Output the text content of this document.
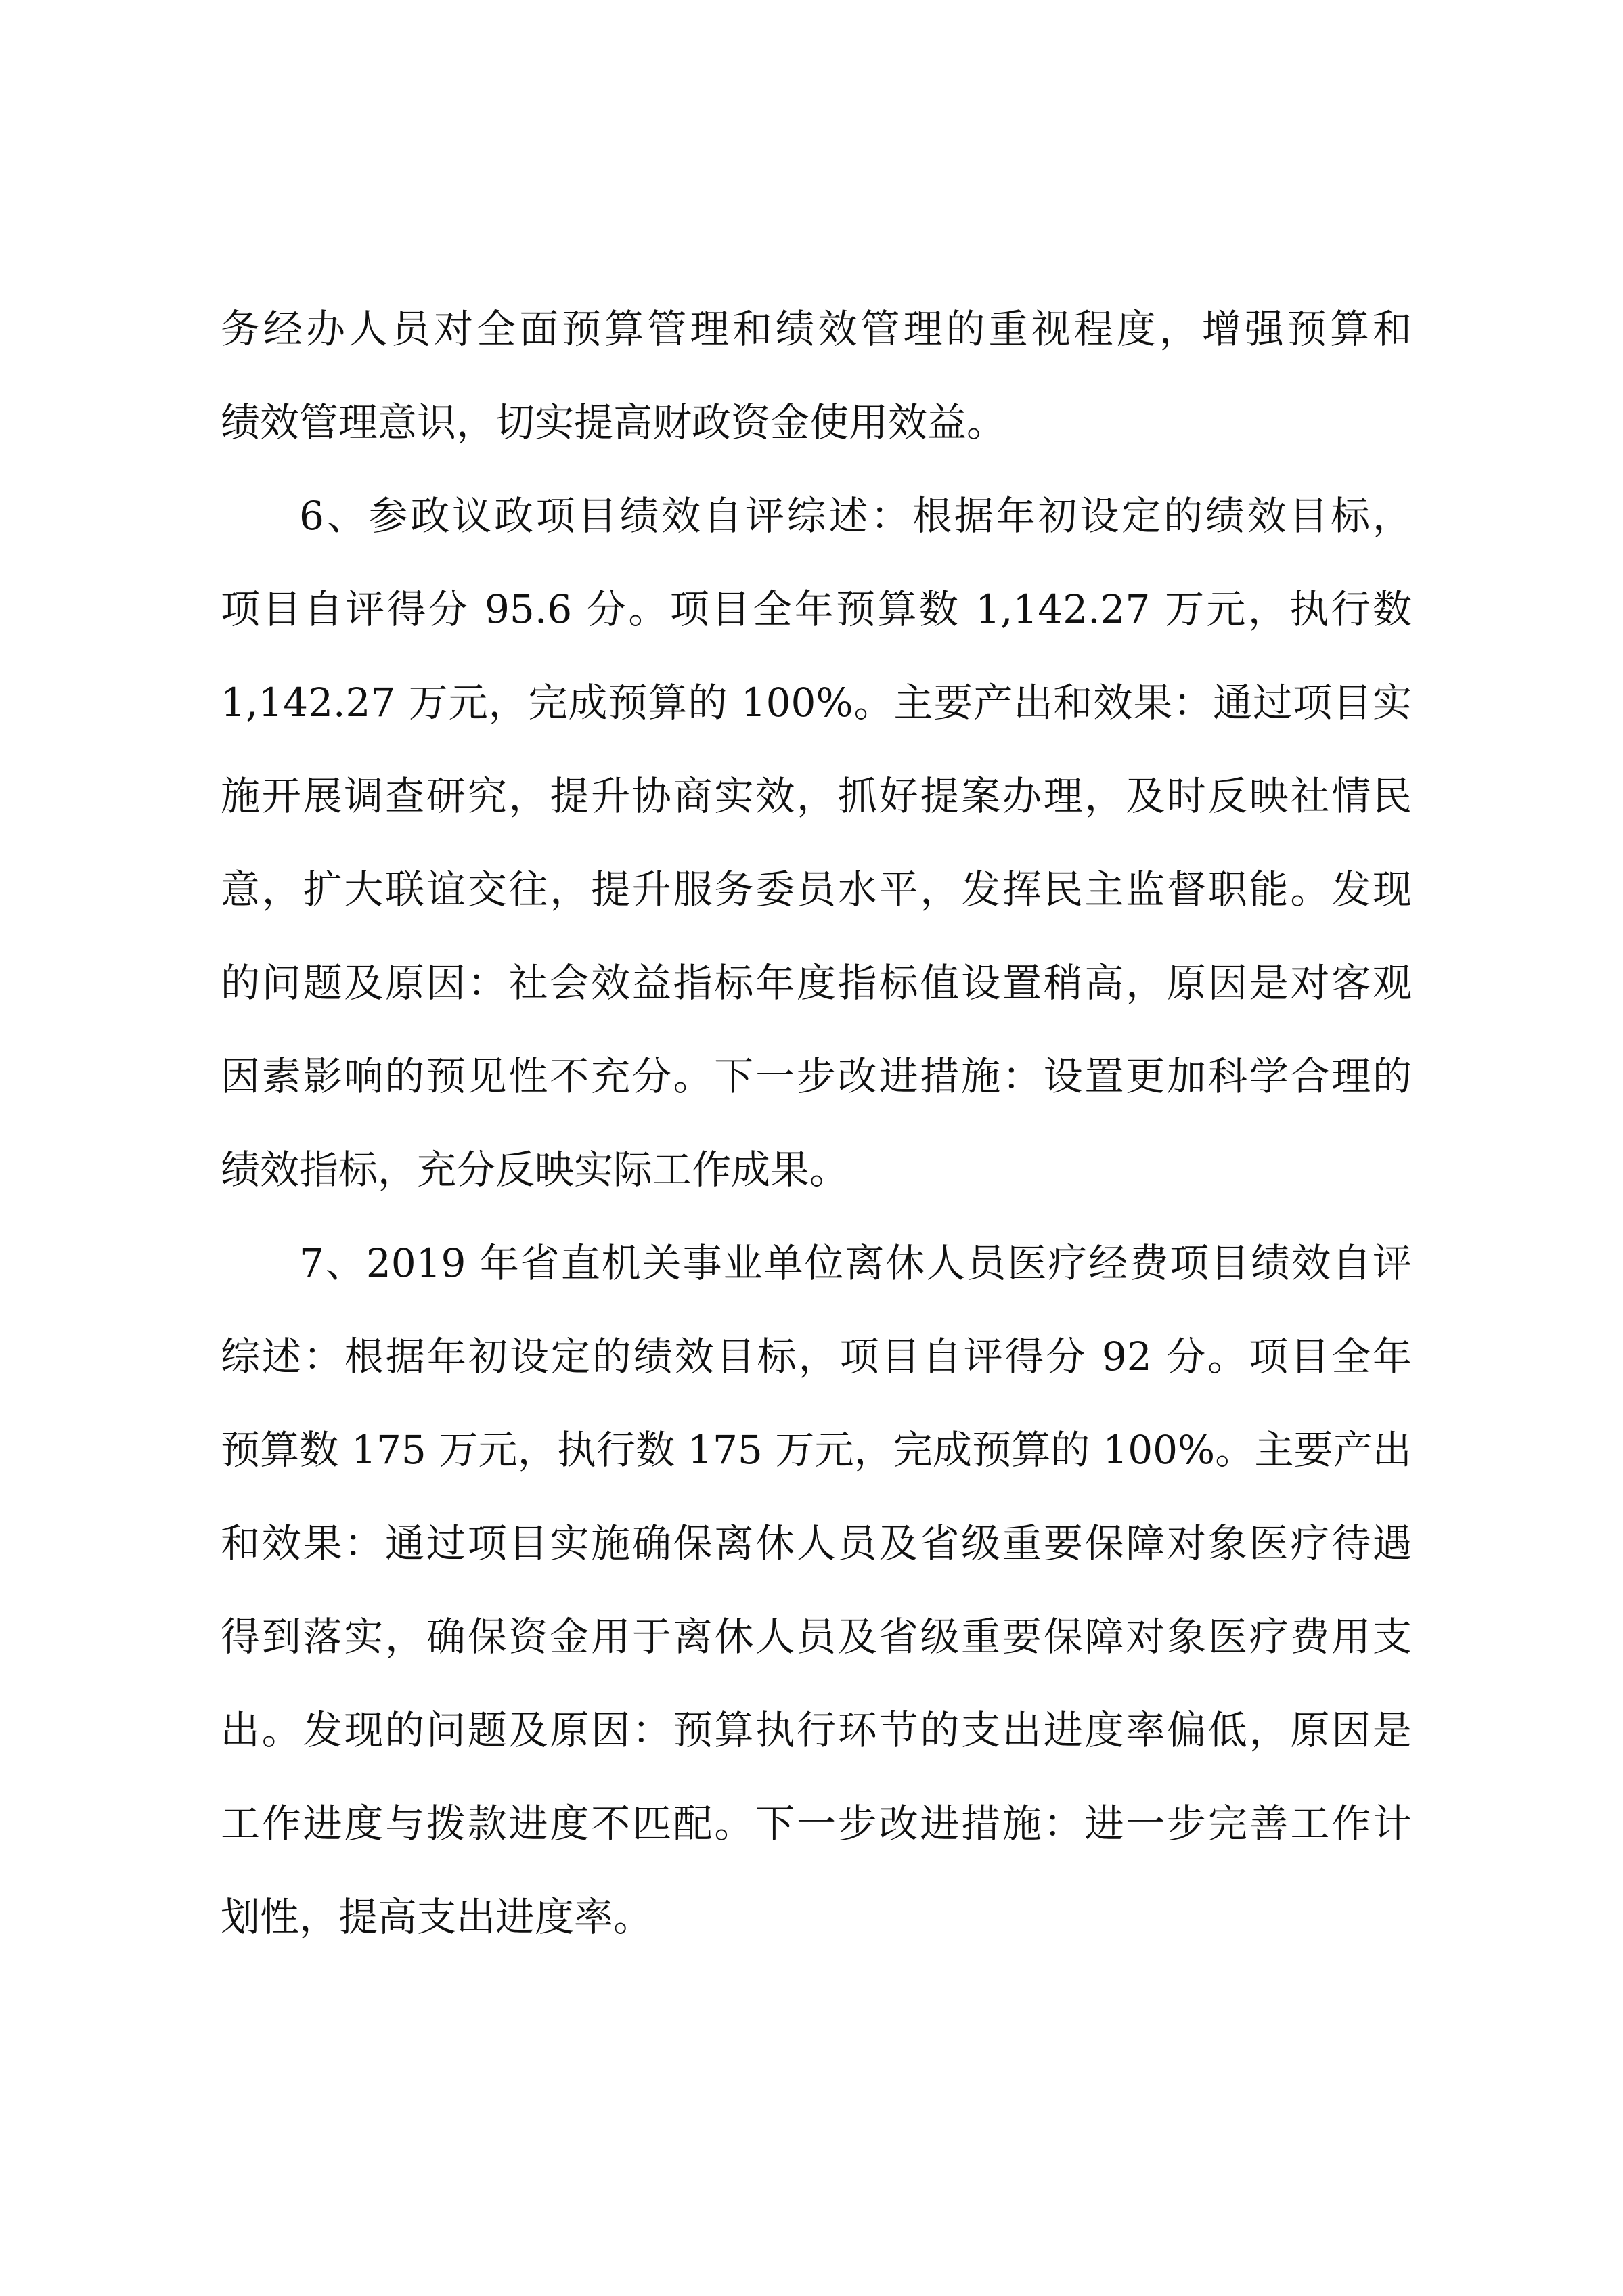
务经办人员对全面预算管理和绩效管理的重视程度，增强预算和
绩效管理意识，切实提高财政资金使用效益。
6、参政议政项目绩效自评综述：根据年初设定的绩效目标，
项目自评得分 95.6 分。项目全年预算数 1,142.27 万元，执行数
1,142.27 万元，完成预算的 100%。主要产出和效果：通过项目实
施开展调查研究，提升协商实效，抓好提案办理，及时反映社情民
意，扩大联谊交往，提升服务委员水平，发挥民主监督职能。发现
的问题及原因：社会效益指标年度指标值设置稍高，原因是对客观
因素影响的预见性不充分。下一步改进措施：设置更加科学合理的
绩效指标，充分反映实际工作成果。
7、2019 年省直机关事业单位离休人员医疗经费项目绩效自评
综述：根据年初设定的绩效目标，项目自评得分 92 分。项目全年
预算数 175 万元，执行数 175 万元，完成预算的 100%。主要产出
和效果：通过项目实施确保离休人员及省级重要保障对象医疗待遇
得到落实，确保资金用于离休人员及省级重要保障对象医疗费用支
出。发现的问题及原因：预算执行环节的支出进度率偏低，原因是
工作进度与拨款进度不匹配。下一步改进措施：进一步完善工作计
划性，提高支出进度率。
